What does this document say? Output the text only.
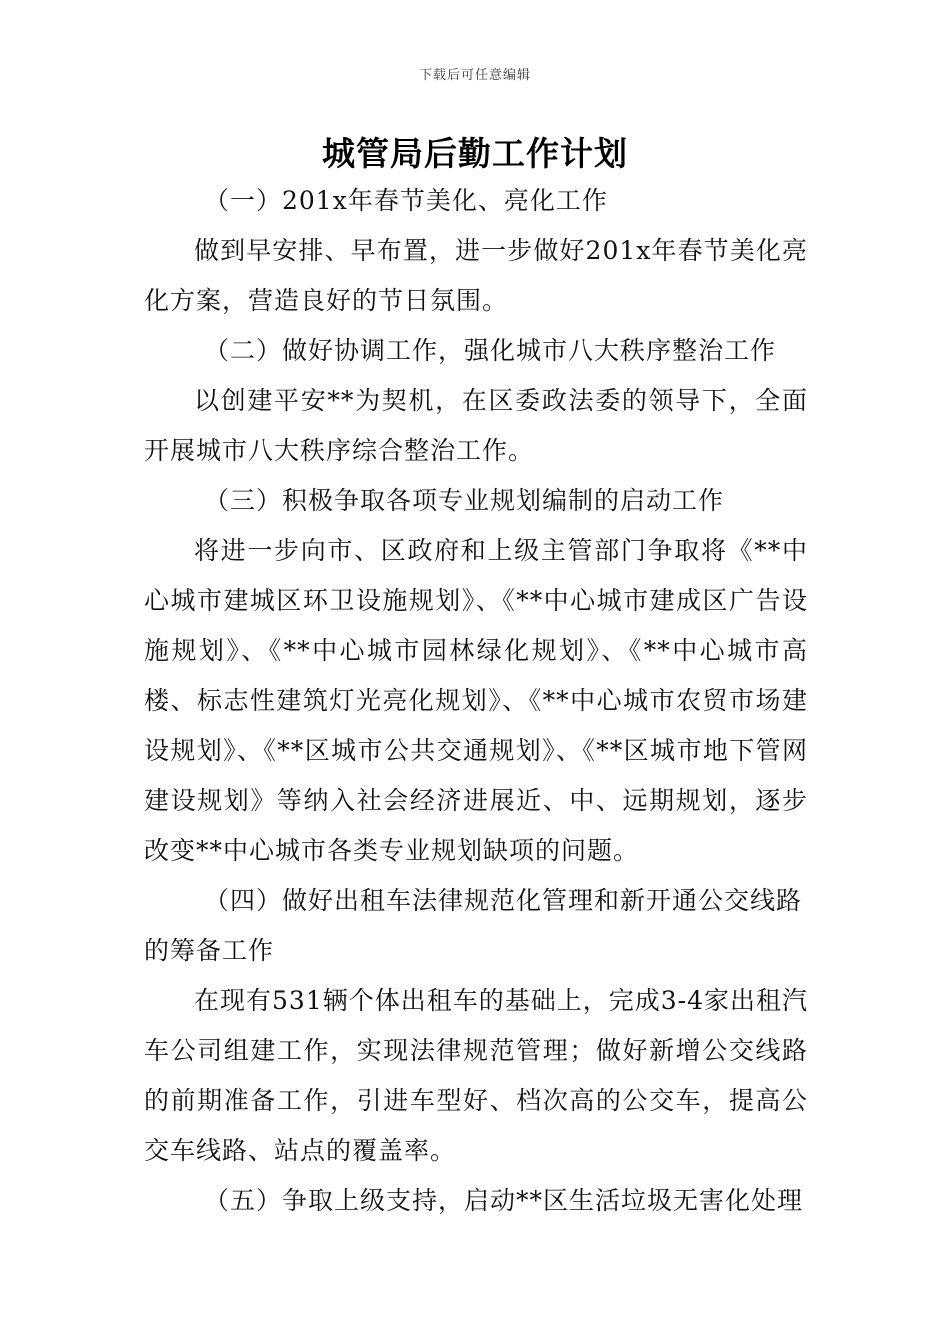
下载后可任意编辑
城管局后勤工作计划

（一）201x年春节美化、亮化工作

做到早安排、早布置，进一步做好201x年春节美化亮化方案，营造良好的节日氛围。

（二）做好协调工作，强化城市八大秩序整治工作

以创建平安**为契机，在区委政法委的领导下，全面开展城市八大秩序综合整治工作。

（三）积极争取各项专业规划编制的启动工作

将进一步向市、区政府和上级主管部门争取将《**中心城市建城区环卫设施规划》、《**中心城市建成区广告设施规划》、《**中心城市园林绿化规划》、《**中心城市高楼、标志性建筑灯光亮化规划》、《**中心城市农贸市场建设规划》、《**区城市公共交通规划》、《**区城市地下管网建设规划》等纳入社会经济进展近、中、远期规划，逐步改变**中心城市各类专业规划缺项的问题。

（四）做好出租车法律规范化管理和新开通公交线路的筹备工作

在现有531辆个体出租车的基础上，完成3-4家出租汽车公司组建工作，实现法律规范管理；做好新增公交线路的前期准备工作，引进车型好、档次高的公交车，提高公交车线路、站点的覆盖率。

（五）争取上级支持，启动**区生活垃圾无害化处理
